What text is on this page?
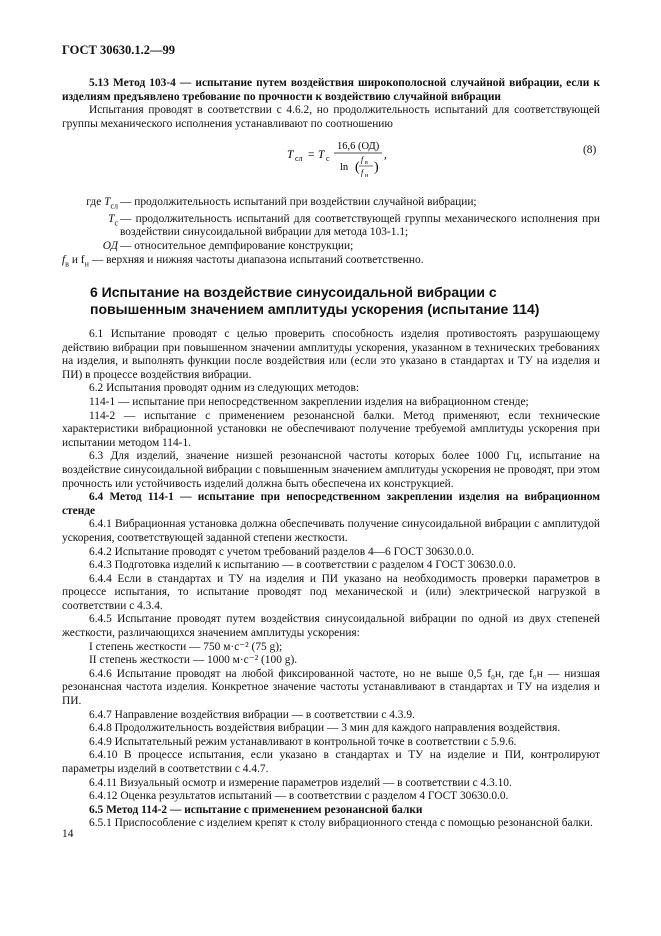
ГОСТ 30630.1.2—99

5.13 Метод 103-4 — испытание путем воздействия широкополосной случайной вибрации, если к изделиям предъявлено требование по прочности к воздействию случайной вибрации

Испытания проводят в соответствии с 4.6.2, но продолжительность испытаний для соответствующей группы механического исполнения устанавливают по соотношению

T сл = T с
16,6 (ОД)
ln (
f в
f н
)
,	(8)
где $T_{сл}$ — продолжительность испытаний при воздействии случайной вибрации;
$T_с$ — продолжительность испытаний для соответствующей группы механического исполнения при воздействии синусоидальной вибрации для метода 103-1.1;
ОД — относительное демпфирование конструкции;
$f_в$ и $f_н$ — верхняя и нижняя частоты диапазона испытаний соответственно.
6 Испытание на воздействие синусоидальной вибрации с повышенным значением амплитуды ускорения (испытание 114)

6.1 Испытание проводят с целью проверить способность изделия противостоять разрушающему действию вибрации при повышенном значении амплитуды ускорения, указанном в технических требованиях на изделия, и выполнять функции после воздействия или (если это указано в стандартах и ТУ на изделия и ПИ) в процессе воздействия вибрации.

6.2 Испытания проводят одним из следующих методов:

114-1 — испытание при непосредственном закреплении изделия на вибрационном стенде;

114-2 — испытание с применением резонансной балки. Метод применяют, если технические характеристики вибрационной установки не обеспечивают получение требуемой амплитуды ускорения при испытании методом 114-1.

6.3 Для изделий, значение низшей резонансной частоты которых более 1000 Гц, испытание на воздействие синусоидальной вибрации с повышенным значением амплитуды ускорения не проводят, при этом прочность или устойчивость изделий должна быть обеспечена их конструкцией.

6.4 Метод 114-1 — испытание при непосредственном закреплении изделия на вибрационном стенде

6.4.1 Вибрационная установка должна обеспечивать получение синусоидальной вибрации с амплитудой ускорения, соответствующей заданной степени жесткости.

6.4.2 Испытание проводят с учетом требований разделов 4—6 ГОСТ 30630.0.0.

6.4.3 Подготовка изделий к испытанию — в соответствии с разделом 4 ГОСТ 30630.0.0.

6.4.4 Если в стандартах и ТУ на изделия и ПИ указано на необходимость проверки параметров в процессе испытания, то испытание проводят под механической и (или) электрической нагрузкой в соответствии с 4.3.4.

6.4.5 Испытание проводят путем воздействия синусоидальной вибрации по одной из двух степеней жесткости, различающихся значением амплитуды ускорения:

I степень жесткости — 750 м·с⁻² (75 g);

II степень жесткости — 1000 м·с⁻² (100 g).

6.4.6 Испытание проводят на любой фиксированной частоте, но не выше 0,5 f₀н, где f₀н — низшая резонансная частота изделия. Конкретное значение частоты устанавливают в стандартах и ТУ на изделия и ПИ.

6.4.7 Направление воздействия вибрации — в соответствии с 4.3.9.

6.4.8 Продолжительность воздействия вибрации — 3 мин для каждого направления воздействия.

6.4.9 Испытательный режим устанавливают в контрольной точке в соответствии с 5.9.6.

6.4.10 В процессе испытания, если указано в стандартах и ТУ на изделие и ПИ, контролируют параметры изделий в соответствии с 4.4.7.

6.4.11 Визуальный осмотр и измерение параметров изделий — в соответствии с 4.3.10.

6.4.12 Оценка результатов испытаний — в соответствии с разделом 4 ГОСТ 30630.0.0.

6.5 Метод 114-2 — испытание с применением резонансной балки

6.5.1 Приспособление с изделием крепят к столу вибрационного стенда с помощью резонансной балки.

14
